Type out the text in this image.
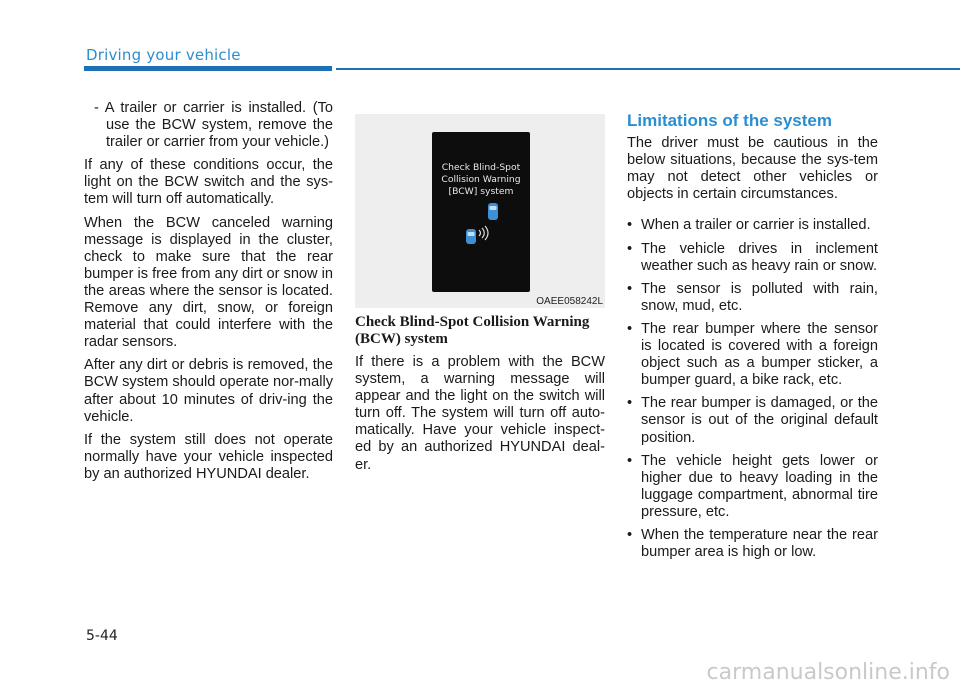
Driving your vehicle

- A trailer or carrier is installed. (To use the BCW system, remove the trailer or carrier from your vehicle.)

If any of these conditions occur, the light on the BCW switch and the sys-tem will turn off automatically.

When the BCW canceled warning message is displayed in the cluster, check to make sure that the rear bumper is free from any dirt or snow in the areas where the sensor is located. Remove any dirt, snow, or foreign material that could interfere with the radar sensors.

After any dirt or debris is removed, the BCW system should operate nor-mally after about 10 minutes of driv-ing the vehicle.

If the system still does not operate normally have your vehicle inspected by an authorized HYUNDAI dealer.

Check Blind-Spot
Collision Warning
[BCW] system
OAEE058242L

Check Blind-Spot Collision Warning (BCW) system

If there is a problem with the BCW system, a warning message will appear and the light on the switch will turn off. The system will turn off auto-matically. Have your vehicle inspect-ed by an authorized HYUNDAI deal-er.

Limitations of the system

The driver must be cautious in the below situations, because the sys-tem may not detect other vehicles or objects in certain circumstances.

• When a trailer or carrier is installed.
• The vehicle drives in inclement weather such as heavy rain or snow.
• The sensor is polluted with rain, snow, mud, etc.
• The rear bumper where the sensor is located is covered with a foreign object such as a bumper sticker, a bumper guard, a bike rack, etc.
• The rear bumper is damaged, or the sensor is out of the original default position.
• The vehicle height gets lower or higher due to heavy loading in the luggage compartment, abnormal tire pressure, etc.
• When the temperature near the rear bumper area is high or low.
5-44
carmanualsonline.info
